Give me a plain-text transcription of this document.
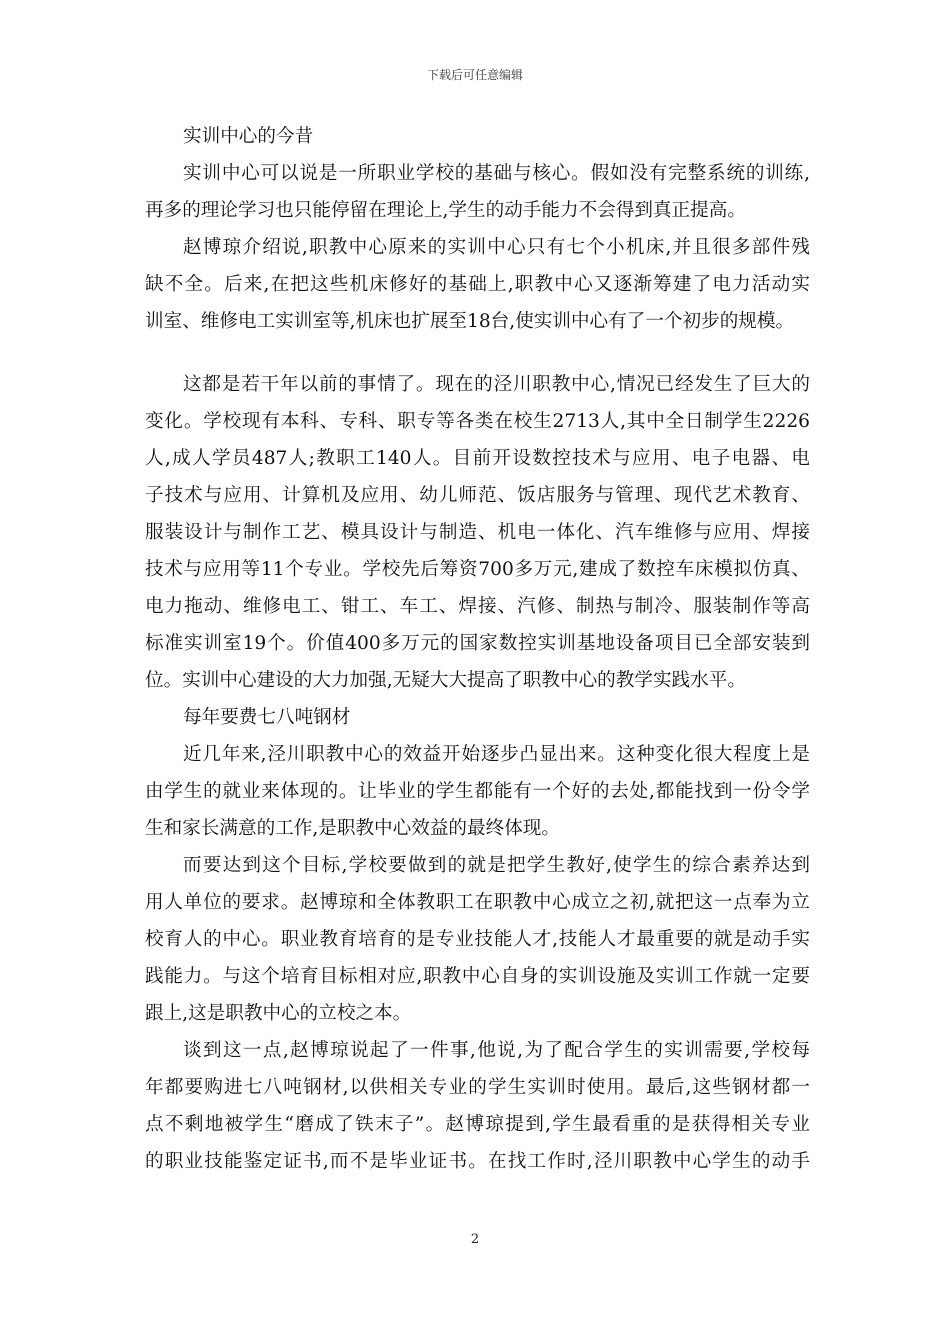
下载后可任意编辑
实训中心的今昔
实训中心可以说是一所职业学校的基础与核心。假如没有完整系统的训练,
再多的理论学习也只能停留在理论上,学生的动手能力不会得到真正提高。
赵博琼介绍说,职教中心原来的实训中心只有七个小机床,并且很多部件残
缺不全。后来,在把这些机床修好的基础上,职教中心又逐渐筹建了电力活动实
训室、维修电工实训室等,机床也扩展至18台,使实训中心有了一个初步的规模。
这都是若干年以前的事情了。现在的泾川职教中心,情况已经发生了巨大的
变化。学校现有本科、专科、职专等各类在校生2713人,其中全日制学生2226
人,成人学员487人;教职工140人。目前开设数控技术与应用、电子电器、电
子技术与应用、计算机及应用、幼儿师范、饭店服务与管理、现代艺术教育、
服装设计与制作工艺、模具设计与制造、机电一体化、汽车维修与应用、焊接
技术与应用等11个专业。学校先后筹资700多万元,建成了数控车床模拟仿真、
电力拖动、维修电工、钳工、车工、焊接、汽修、制热与制冷、服装制作等高
标准实训室19个。价值400多万元的国家数控实训基地设备项目已全部安装到
位。实训中心建设的大力加强,无疑大大提高了职教中心的教学实践水平。
每年要费七八吨钢材
近几年来,泾川职教中心的效益开始逐步凸显出来。这种变化很大程度上是
由学生的就业来体现的。让毕业的学生都能有一个好的去处,都能找到一份令学
生和家长满意的工作,是职教中心效益的最终体现。
而要达到这个目标,学校要做到的就是把学生教好,使学生的综合素养达到
用人单位的要求。赵博琼和全体教职工在职教中心成立之初,就把这一点奉为立
校育人的中心。职业教育培育的是专业技能人才,技能人才最重要的就是动手实
践能力。与这个培育目标相对应,职教中心自身的实训设施及实训工作就一定要
跟上,这是职教中心的立校之本。
谈到这一点,赵博琼说起了一件事,他说,为了配合学生的实训需要,学校每
年都要购进七八吨钢材,以供相关专业的学生实训时使用。最后,这些钢材都一
点不剩地被学生“磨成了铁末子”。赵博琼提到,学生最看重的是获得相关专业
的职业技能鉴定证书,而不是毕业证书。在找工作时,泾川职教中心学生的动手
2
